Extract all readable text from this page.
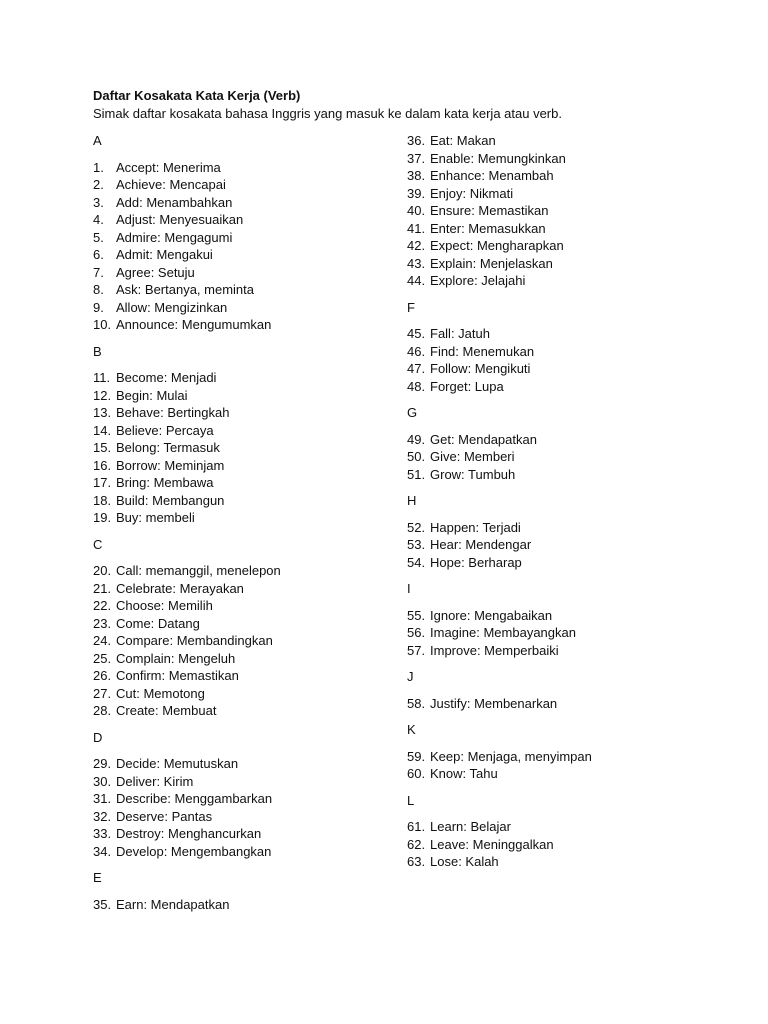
Daftar Kosakata Kata Kerja (Verb)
Simak daftar kosakata bahasa Inggris yang masuk ke dalam kata kerja atau verb.
A
1. Accept: Menerima
2. Achieve: Mencapai
3. Add: Menambahkan
4. Adjust: Menyesuaikan
5. Admire: Mengagumi
6. Admit: Mengakui
7. Agree: Setuju
8. Ask: Bertanya, meminta
9. Allow: Mengizinkan
10. Announce: Mengumumkan
B
11. Become: Menjadi
12. Begin: Mulai
13. Behave: Bertingkah
14. Believe: Percaya
15. Belong: Termasuk
16. Borrow: Meminjam
17. Bring: Membawa
18. Build: Membangun
19. Buy: membeli
C
20. Call: memanggil, menelepon
21. Celebrate: Merayakan
22. Choose: Memilih
23. Come: Datang
24. Compare: Membandingkan
25. Complain: Mengeluh
26. Confirm: Memastikan
27. Cut: Memotong
28. Create: Membuat
D
29. Decide: Memutuskan
30. Deliver: Kirim
31. Describe: Menggambarkan
32. Deserve: Pantas
33. Destroy: Menghancurkan
34. Develop: Mengembangkan
E
35. Earn: Mendapatkan
36. Eat: Makan
37. Enable: Memungkinkan
38. Enhance: Menambah
39. Enjoy: Nikmati
40. Ensure: Memastikan
41. Enter: Memasukkan
42. Expect: Mengharapkan
43. Explain: Menjelaskan
44. Explore: Jelajahi
F
45. Fall: Jatuh
46. Find: Menemukan
47. Follow: Mengikuti
48. Forget: Lupa
G
49. Get: Mendapatkan
50. Give: Memberi
51. Grow: Tumbuh
H
52. Happen: Terjadi
53. Hear: Mendengar
54. Hope: Berharap
I
55. Ignore: Mengabaikan
56. Imagine: Membayangkan
57. Improve: Memperbaiki
J
58. Justify: Membenarkan
K
59. Keep: Menjaga, menyimpan
60. Know: Tahu
L
61. Learn: Belajar
62. Leave: Meninggalkan
63. Lose: Kalah
